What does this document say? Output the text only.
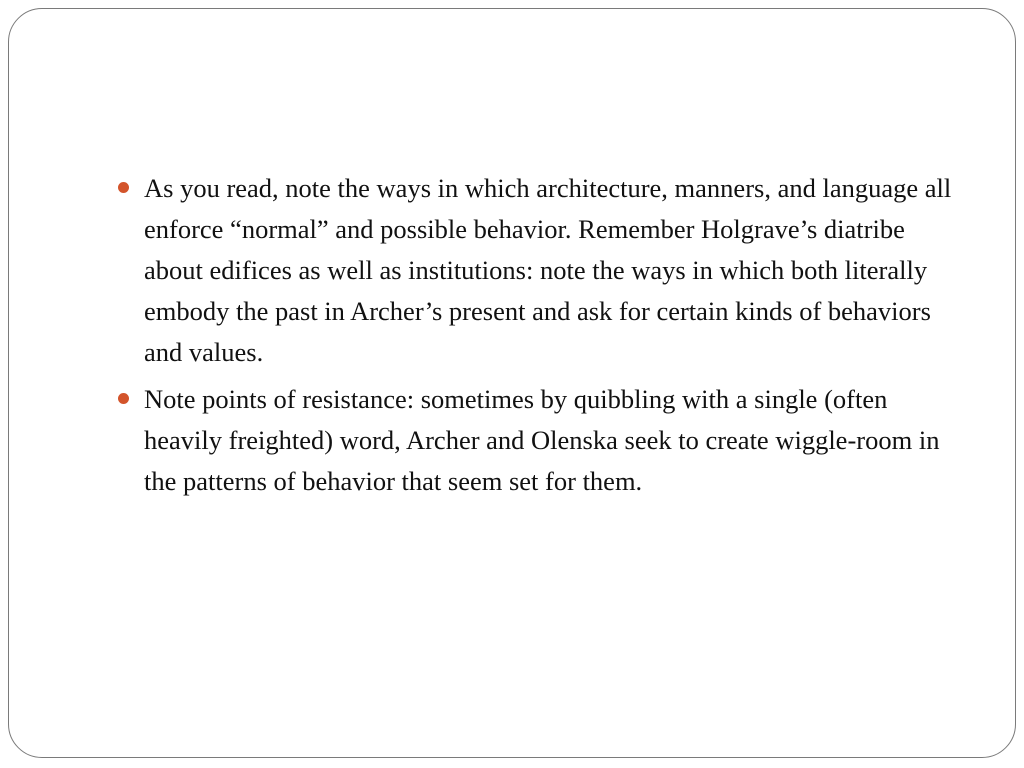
As you read, note the ways in which architecture, manners, and language all enforce “normal” and possible behavior. Remember Holgrave’s diatribe about edifices as well as institutions: note the ways in which both literally embody the past in Archer’s present and ask for certain kinds of behaviors and values.
Note points of resistance: sometimes by quibbling with a single (often heavily freighted) word, Archer and Olenska seek to create wiggle-room in the patterns of behavior that seem set for them.
